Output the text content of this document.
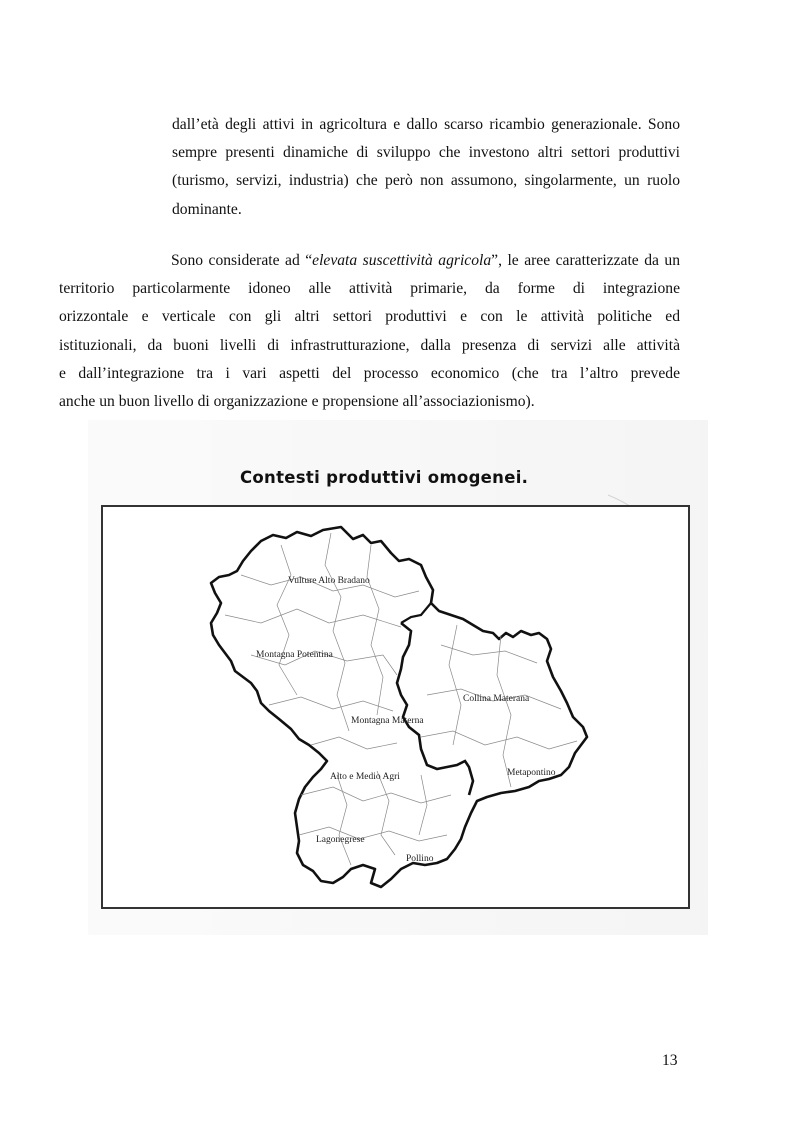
dall’età degli attivi in agricoltura e dallo scarso ricambio generazionale. Sono
sempre presenti dinamiche di sviluppo che investono altri settori produttivi
(turismo, servizi, industria) che però non assumono, singolarmente, un ruolo
dominante.
Sono considerate ad “elevata suscettività agricola”, le aree caratterizzate da un
territorio particolarmente idoneo alle attività primarie, da forme di integrazione
orizzontale e verticale con gli altri settori produttivi e con le attività politiche ed
istituzionali, da buoni livelli di infrastrutturazione, dalla presenza di servizi alle attività
e dall’integrazione tra i vari aspetti del processo economico (che tra l’altro prevede
anche un buon livello di organizzazione e propensione all’associazionismo).
Contesti produttivi omogenei.
Vulture Alto Bradano
Montagna Potentina
Montagna Materna
Collina Materana
Metapontino
Alto e Medio Agri
Lagonegrese
Pollino
13
